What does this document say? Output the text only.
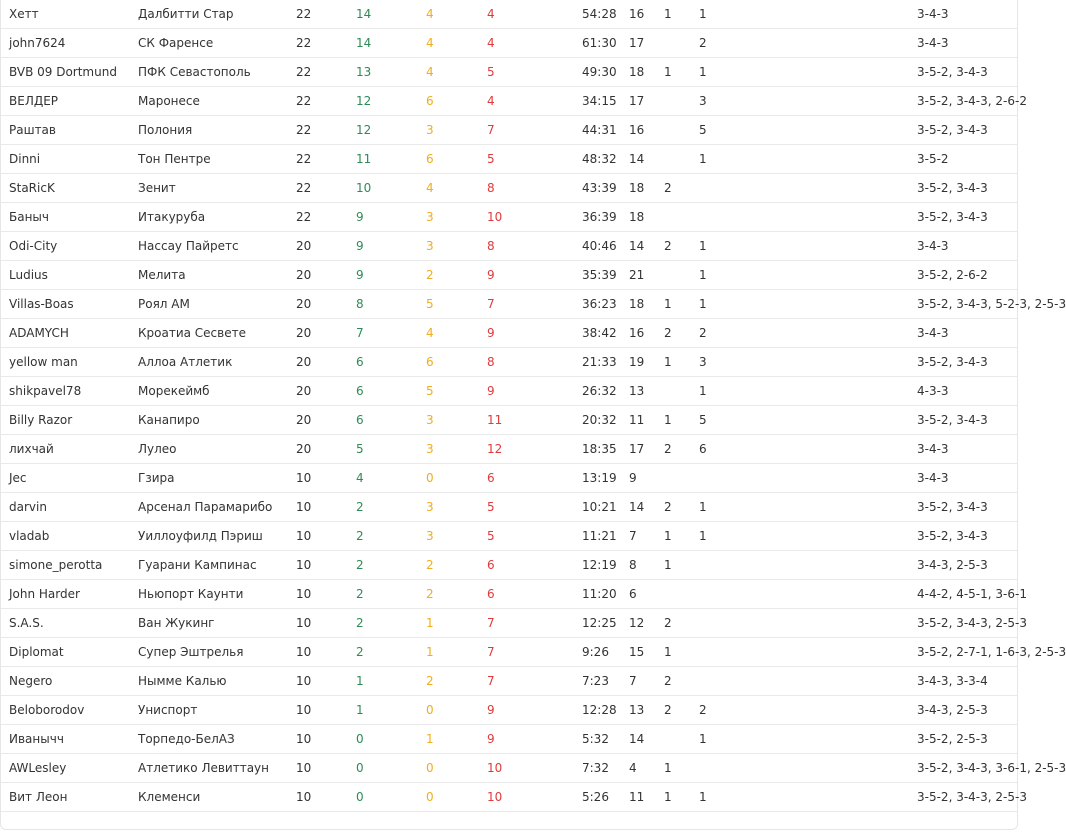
Хетт	Далбитти Стар	22	14	4	4	54:28	16	1	1	3-4-3	
john7624	СК Фаренсе	22	14	4	4	61:30	17		2	3-4-3	
BVB 09 Dortmund	ПФК Севастополь	22	13	4	5	49:30	18	1	1	3-5-2, 3-4-3	
ВЕЛДЕР	Маронесе	22	12	6	4	34:15	17		3	3-5-2, 3-4-3, 2-6-2	
Раштав	Полония	22	12	3	7	44:31	16		5	3-5-2, 3-4-3	
Dinni	Тон Пентре	22	11	6	5	48:32	14		1	3-5-2	
StaRicK	Зенит	22	10	4	8	43:39	18	2		3-5-2, 3-4-3	
Баныч	Итакуруба	22	9	3	10	36:39	18			3-5-2, 3-4-3	
Odi-City	Нассау Пайретс	20	9	3	8	40:46	14	2	1	3-4-3	
Ludius	Мелита	20	9	2	9	35:39	21		1	3-5-2, 2-6-2	
Villas-Boas	Роял АМ	20	8	5	7	36:23	18	1	1	3-5-2, 3-4-3, 5-2-3, 2-5-3	
ADAMYCH	Кроатиа Сесвете	20	7	4	9	38:42	16	2	2	3-4-3	
yellow man	Аллоа Атлетик	20	6	6	8	21:33	19	1	3	3-5-2, 3-4-3	
shikpavel78	Морекеймб	20	6	5	9	26:32	13		1	4-3-3	
Billy Razor	Канапиро	20	6	3	11	20:32	11	1	5	3-5-2, 3-4-3	
лихчай	Лулео	20	5	3	12	18:35	17	2	6	3-4-3	
Jec	Гзира	10	4	0	6	13:19	9			3-4-3	
darvin	Арсенал Парамарибо	10	2	3	5	10:21	14	2	1	3-5-2, 3-4-3	
vladab	Уиллоуфилд Пэриш	10	2	3	5	11:21	7	1	1	3-5-2, 3-4-3	
simone_perotta	Гуарани Кампинас	10	2	2	6	12:19	8	1		3-4-3, 2-5-3	
John Harder	Ньюпорт Каунти	10	2	2	6	11:20	6			4-4-2, 4-5-1, 3-6-1	
S.A.S.	Ван Жукинг	10	2	1	7	12:25	12	2		3-5-2, 3-4-3, 2-5-3	
Diplomat	Супер Эштрелья	10	2	1	7	9:26	15	1		3-5-2, 2-7-1, 1-6-3, 2-5-3	
Negero	Нымме Калью	10	1	2	7	7:23	7	2		3-4-3, 3-3-4	
Beloborodov	Униспорт	10	1	0	9	12:28	13	2	2	3-4-3, 2-5-3	
Иванычч	Торпедо-БелАЗ	10	0	1	9	5:32	14		1	3-5-2, 2-5-3	
AWLesley	Атлетико Левиттаун	10	0	0	10	7:32	4	1		3-5-2, 3-4-3, 3-6-1, 2-5-3	
Вит Леон	Клеменси	10	0	0	10	5:26	11	1	1	3-5-2, 3-4-3, 2-5-3	
